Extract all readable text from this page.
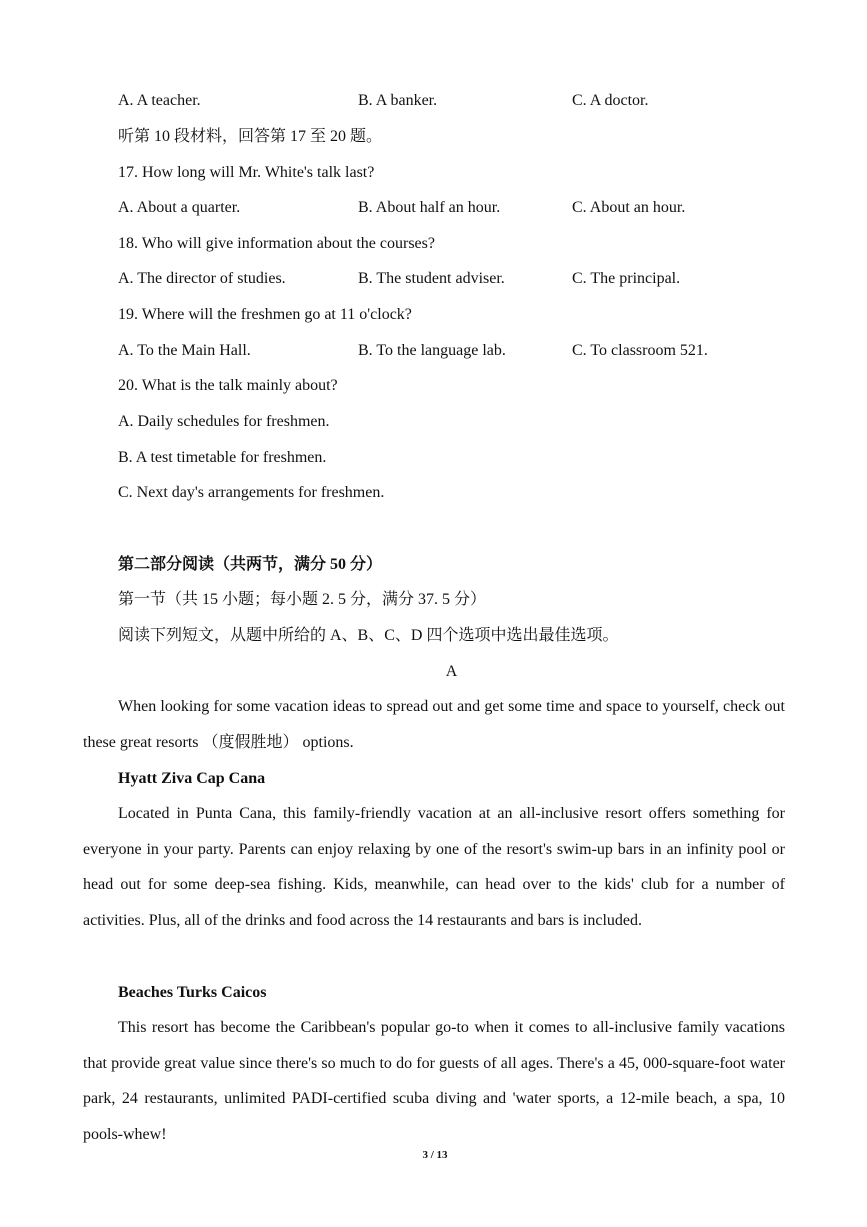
A. A teacher.	B. A banker.	C. A doctor.
听第 10 段材料，回答第 17 至 20 题。
17. How long will Mr. White's talk last?
A. About a quarter.	B. About half an hour.	C. About an hour.
18. Who will give information about the courses?
A. The director of studies.	B. The student adviser.	C. The principal.
19. Where will the freshmen go at 11 o'clock?
A. To the Main Hall.	B. To the language lab.	C. To classroom 521.
20. What is the talk mainly about?
A. Daily schedules for freshmen.
B. A test timetable for freshmen.
C. Next day's arrangements for freshmen.
第二部分阅读（共两节，满分 50 分）
第一节（共 15 小题；每小题 2. 5 分，满分 37. 5 分）
阅读下列短文，从题中所给的 A、B、C、D 四个选项中选出最佳选项。
A
When looking for some vacation ideas to spread out and get some time and space to yourself, check out these great resorts （度假胜地） options.
Hyatt Ziva Cap Cana
Located in Punta Cana, this family-friendly vacation at an all-inclusive resort offers something for everyone in your party. Parents can enjoy relaxing by one of the resort's swim-up bars in an infinity pool or head out for some deep-sea fishing. Kids, meanwhile, can head over to the kids' club for a number of activities. Plus, all of the drinks and food across the 14 restaurants and bars is included.
Beaches Turks Caicos
This resort has become the Caribbean's popular go-to when it comes to all-inclusive family vacations that provide great value since there's so much to do for guests of all ages. There's a 45, 000-square-foot water park, 24 restaurants, unlimited PADI-certified scuba diving and 'water sports, a 12-mile beach, a spa, 10 pools-whew!
3 / 13
